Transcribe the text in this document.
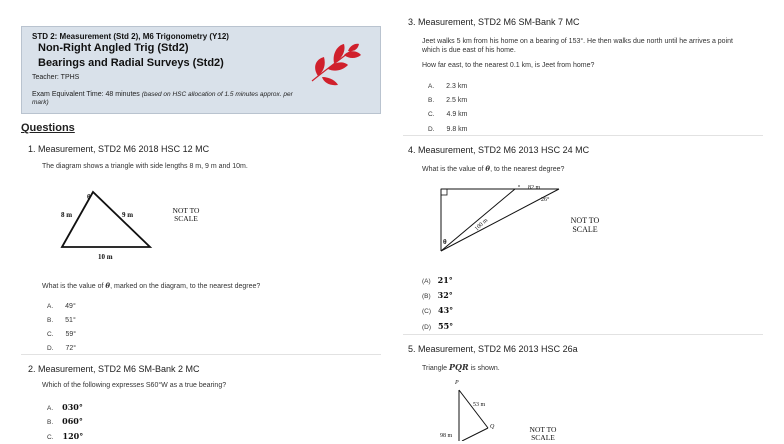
STD 2: Measurement (Std 2), M6 Trigonometry (Y12)
Non-Right Angled Trig (Std2)
Bearings and Radial Surveys (Std2)
Teacher: TPHS
Exam Equivalent Time: 48 minutes (based on HSC allocation of 1.5 minutes approx. per mark)
Questions
1. Measurement, STD2 M6 2018 HSC 12 MC
The diagram shows a triangle with side lengths 8 m, 9 m and 10m.
θ
8 m	9 m
10 m
NOT TO
SCALE
What is the value of θ, marked on the diagram, to the nearest degree?
A. 49°
B. 51°
C. 59°
D. 72°
2. Measurement, STD2 M6 SM-Bank 2 MC
Which of the following expresses S60°W as a true bearing?
A. 030°
B. 060°
C. 120°
3. Measurement, STD2 M6 SM-Bank 7 MC
Jeet walks 5 km from his home on a bearing of 153°. He then walks due north until he arrives a point
which is due east of his home.
How far east, to the nearest 0.1 km, is Jeet from home?
A. 2.3 km
B. 2.5 km
C. 4.9 km
D. 9.8 km
4. Measurement, STD2 M6 2013 HSC 24 MC
What is the value of θ, to the nearest degree?
82 m
26°
100 m
θ
NOT TO
SCALE
(A) 21°
(B) 32°
(C) 43°
(D) 55°
5. Measurement, STD2 M6 2013 HSC 26a
Triangle PQR is shown.
P
53 m
Q
98 m
NOT TO
SCALE
